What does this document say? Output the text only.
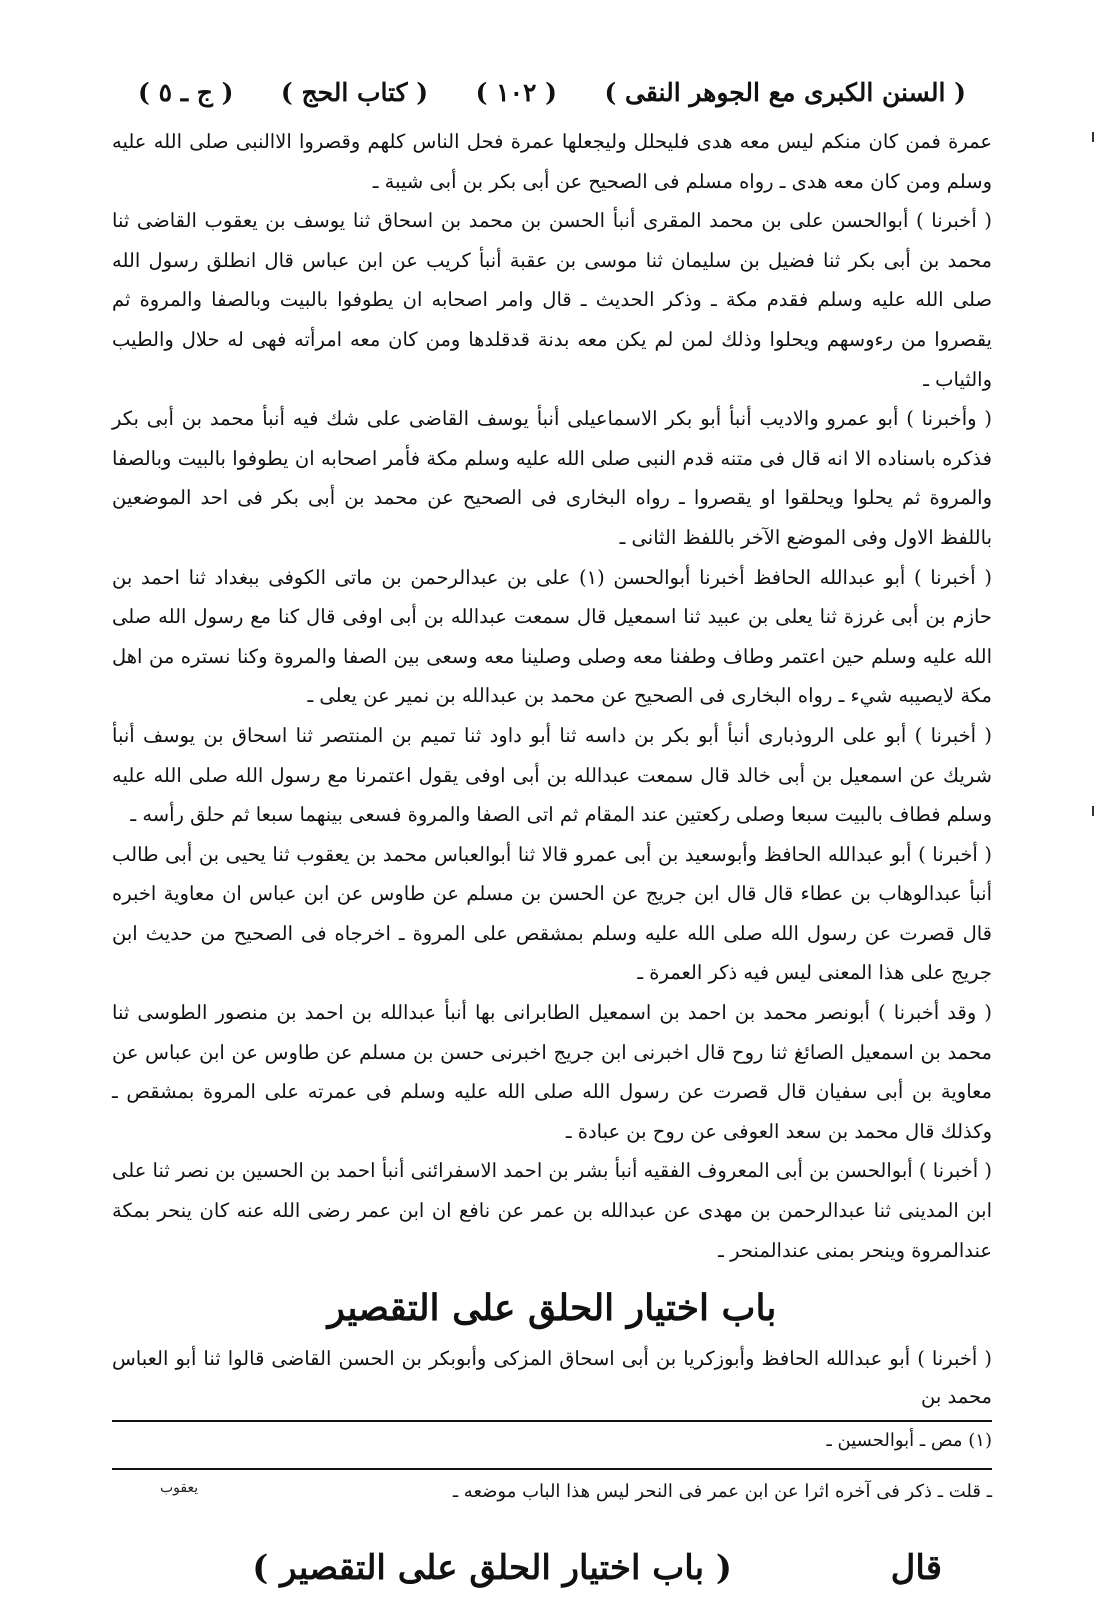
( السنن الكبرى مع الجوهر النقى )
( ١٠٢ )
( كتاب الحج )
( ج ـ ٥ )

عمرة فمن كان منكم ليس معه هدى فليحلل وليجعلها عمرة فحل الناس كلهم وقصروا الاالنبى صلى الله عليه وسلم ومن كان معه هدى ـ رواه مسلم فى الصحيح عن أبى بكر بن أبى شيبة ـ

( أخبرنا ) أبوالحسن علی بن محمد المقرى أنبأ الحسن بن محمد بن اسحاق ثنا يوسف بن يعقوب القاضى ثنا محمد بن أبى بكر ثنا فضيل بن سليمان ثنا موسى بن عقبة أنبأ كريب عن ابن عباس قال انطلق رسول الله صلى الله عليه وسلم فقدم مكة ـ وذكر الحديث ـ قال وامر اصحابه ان يطوفوا بالبيت وبالصفا والمروة ثم يقصروا من رءوسهم ويحلوا وذلك لمن لم يكن معه بدنة قدقلدها ومن كان معه امرأته فهى له حلال والطيب والثياب ـ

( وأخبرنا ) أبو عمرو والاديب أنبأ أبو بكر الاسماعيلى أنبأ يوسف القاضى على شك فيه أنبأ محمد بن أبى بكر فذكره باسناده الا انه قال فى متنه قدم النبى صلى الله عليه وسلم مكة فأمر اصحابه ان يطوفوا بالبيت وبالصفا والمروة ثم يحلوا ويحلقوا او يقصروا ـ رواه البخارى فى الصحيح عن محمد بن أبى بكر فى احد الموضعين باللفظ الاول وفى الموضع الآخر باللفظ الثانى ـ

( أخبرنا ) أبو عبدالله الحافظ أخبرنا أبوالحسن (١) على بن عبدالرحمن بن ماتى الكوفى ببغداد ثنا احمد بن حازم بن أبى غرزة ثنا يعلى بن عبيد ثنا اسمعيل قال سمعت عبدالله بن أبى اوفى قال كنا مع رسول الله صلى الله عليه وسلم حين اعتمر وطاف وطفنا معه وصلى وصلينا معه وسعى بين الصفا والمروة وكنا نستره من اهل مكة لايصيبه شيء ـ رواه البخارى فى الصحيح عن محمد بن عبدالله بن نمير عن يعلى ـ

( أخبرنا ) أبو على الروذبارى أنبأ أبو بكر بن داسه ثنا أبو داود ثنا تميم بن المنتصر ثنا اسحاق بن يوسف أنبأ شريك عن اسمعيل بن أبى خالد قال سمعت عبدالله بن أبى اوفى يقول اعتمرنا مع رسول الله صلى الله عليه وسلم فطاف بالبيت سبعا وصلى ركعتين عند المقام ثم اتى الصفا والمروة فسعى بينهما سبعا ثم حلق رأسه ـ

( أخبرنا ) أبو عبدالله الحافظ وأبوسعيد بن أبى عمرو قالا ثنا أبوالعباس محمد بن يعقوب ثنا يحيى بن أبى طالب أنبأ عبدالوهاب بن عطاء قال قال ابن جريج عن الحسن بن مسلم عن طاوس عن ابن عباس ان معاوية اخبره قال قصرت عن رسول الله صلى الله عليه وسلم بمشقص على المروة ـ اخرجاه فى الصحيح من حديث ابن جريج على هذا المعنى ليس فيه ذكر العمرة ـ

( وقد أخبرنا ) أبونصر محمد بن احمد بن اسمعيل الطابرانى بها أنبأ عبدالله بن احمد بن منصور الطوسى ثنا محمد بن اسمعيل الصائغ ثنا روح قال اخبرنى ابن جريج اخبرنى حسن بن مسلم عن طاوس عن ابن عباس عن معاوية بن أبى سفيان قال قصرت عن رسول الله صلى الله عليه وسلم فى عمرته على المروة بمشقص ـ وكذلك قال محمد بن سعد العوفى عن روح بن عبادة ـ

( أخبرنا ) أبوالحسن بن أبى المعروف الفقيه أنبأ بشر بن احمد الاسفرائنى أنبأ احمد بن الحسين بن نصر ثنا على ابن المدينى ثنا عبدالرحمن بن مهدى عن عبدالله بن عمر عن نافع ان ابن عمر رضى الله عنه كان ينحر بمكة عندالمروة وينحر بمنى عندالمنحر ـ

باب اختيار الحلق على التقصير
( أخبرنا ) أبو عبدالله الحافظ وأبوزكريا بن أبى اسحاق المزكى وأبوبكر بن الحسن القاضى قالوا ثنا أبو العباس محمد بن
(١) مص ـ أبوالحسين ـ
ـ قلت ـ ذكر فى آخره اثرا عن ابن عمر فى النحر ليس هذا الباب موضعه ـ
قال
( باب اختيار الحلق على التقصير )
يعقوب
